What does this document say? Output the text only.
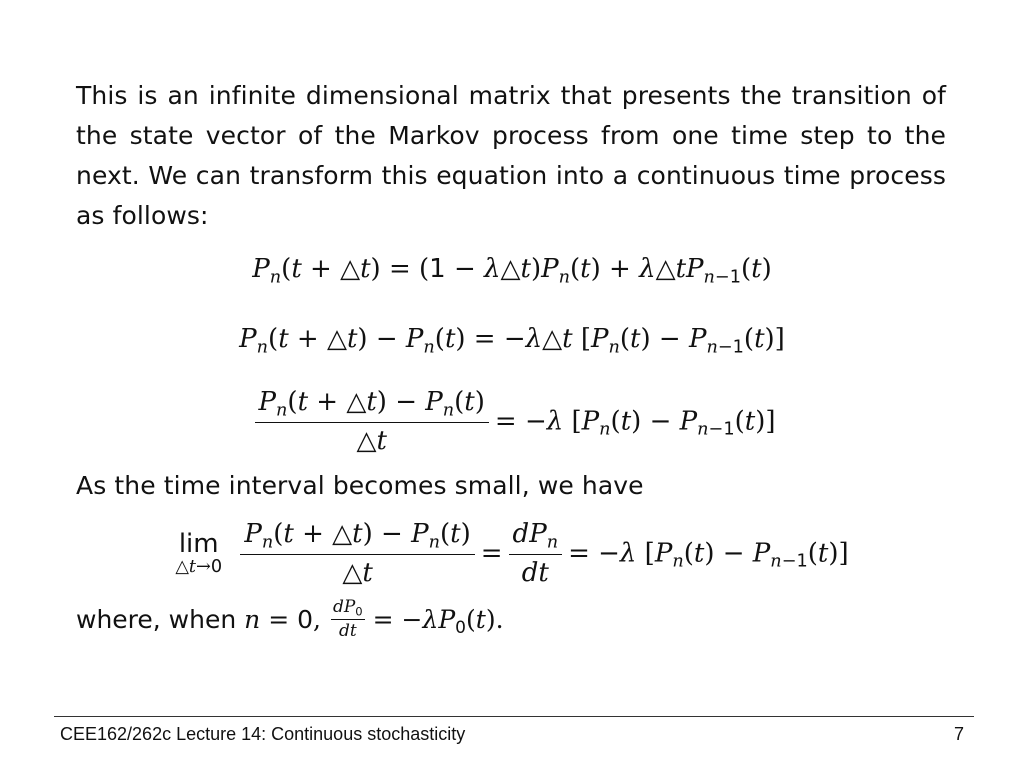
This is an infinite dimensional matrix that presents the transition of the state vector of the Markov process from one time step to the next. We can transform this equation into a continuous time process as follows:
$P_n(t$ + △t) = $(1 - \lambda\triangle t)P_n(t)$ + $\lambda\triangle tP_{n-1}(t)$
$P_n(t$ + △t) − $P_n(t)$ = −λ△t $[P_n(t) - P_{n-1}(t)]$
$\frac{P_n(t + \triangle t) - P_n(t)}{\triangle t} = -\lambda$ $[P_n(t) - P_{n-1}(t)]$
As the time interval becomes small, we have
lim
△t→0
$\frac{P_n(t + \triangle t) - P_n(t)}{\triangle t} = \frac{dP_n}{dt} = -\lambda$ $[P_n(t) - P_{n-1}(t)]$
where, when
n = 0, $\frac{dP_0}{dt} = -\lambda P_0(t)$.
CEE162/262c Lecture 14: Continuous stochasticity	7
